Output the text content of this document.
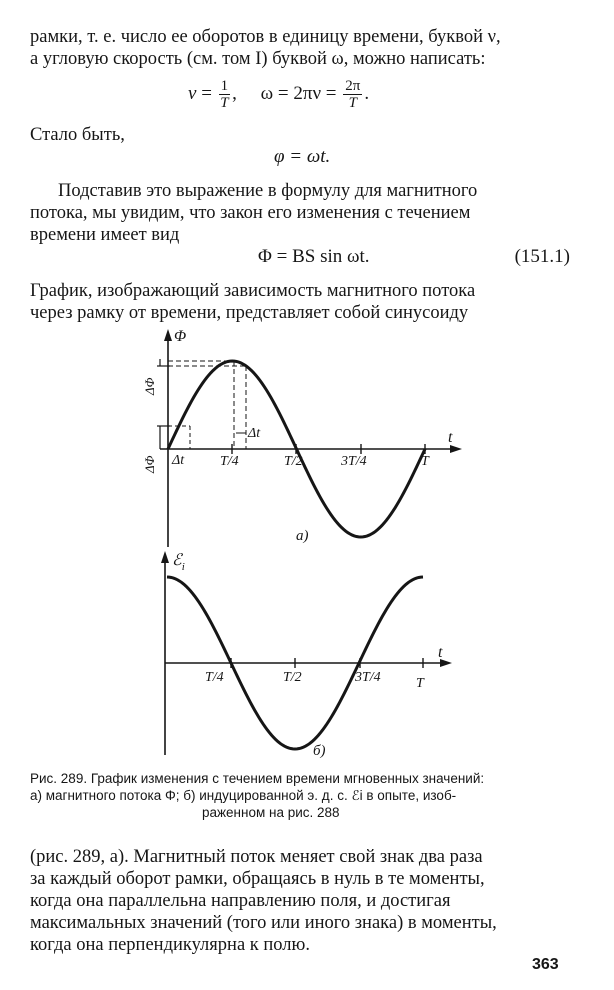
рамки, т. е. число ее оборотов в единицу времени, буквой ν,
а угловую скорость (см. том I) буквой ω, можно написать:
$\nu = \frac{1}{T}$ , $\omega = 2\pi\nu = \frac{2\pi}{T}$ .
Стало быть,
φ = ωt.
Подставив это выражение в формулу для магнитного
потока, мы увидим, что закон его изменения с течением
времени имеет вид
Φ = BS sin ωt.	(151.1)
График, изображающий зависимость магнитного потока
через рамку от времени, представляет собой синусоиду
Φ
t
ΔΦ
ΔΦ
Δt
Δt	T/4	T/2	3T/4	T
а)
ℰ$_i$
t
T/4	T/2	3T/4	T
б)
Рис. 289. График изменения с течением времени мгновенных значений:
а) магнитного потока Φ; б) индуцированной э. д. с. ℰi в опыте, изоб-
раженном на рис. 288
(рис. 289, а). Магнитный поток меняет свой знак два раза
за каждый оборот рамки, обращаясь в нуль в те моменты,
когда она параллельна направлению поля, и достигая
максимальных значений (того или иного знака) в моменты,
когда она перпендикулярна к полю.
363
